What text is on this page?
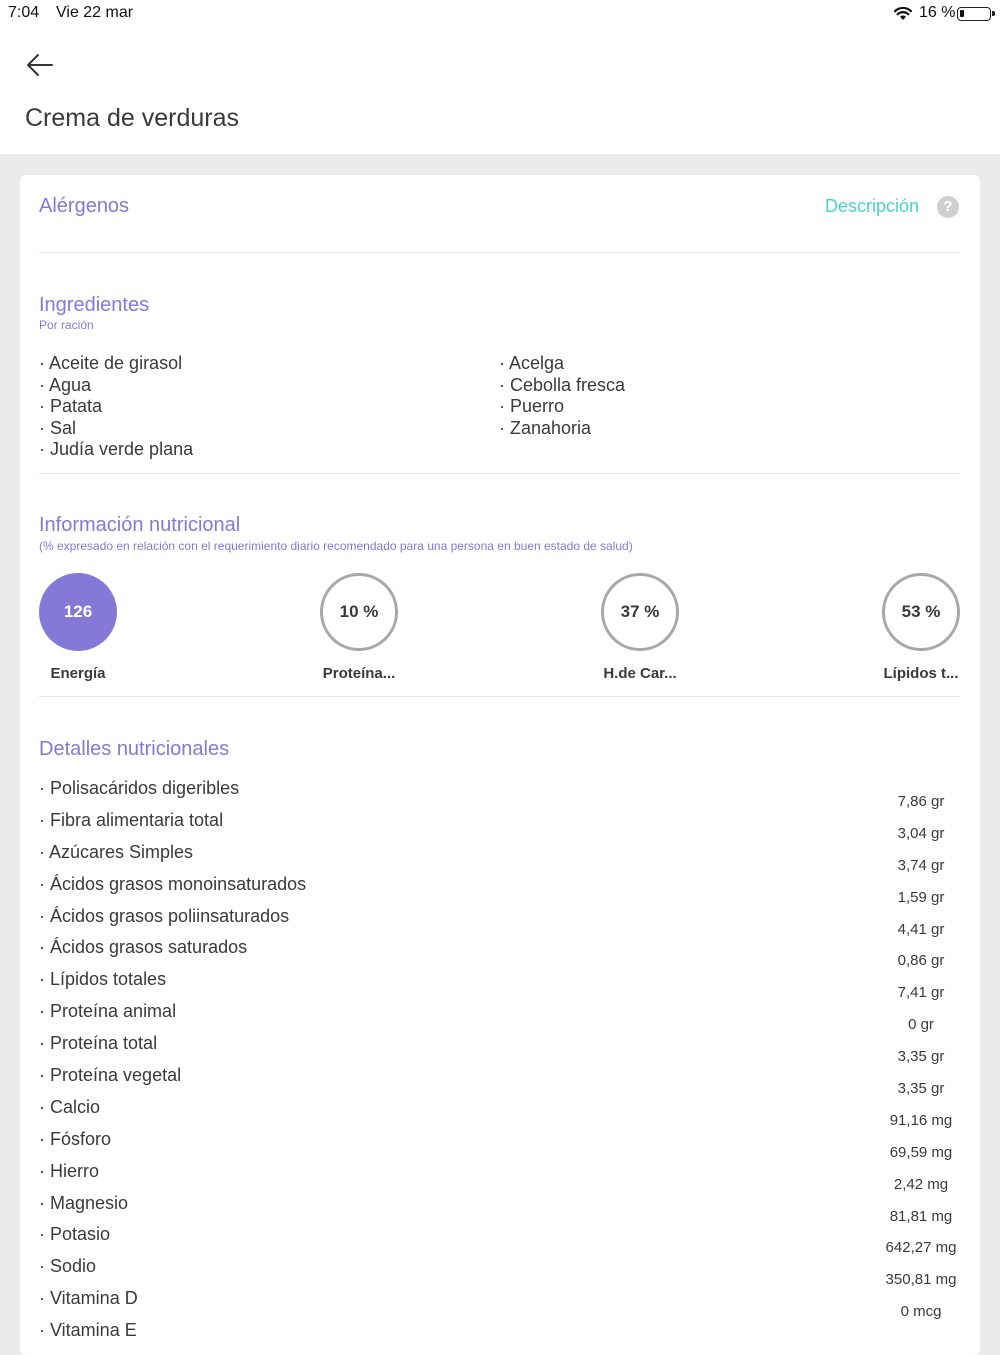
7:04 Vie 22 mar	16 %
Crema de verduras
Alérgenos	Descripción	?
Ingredientes
Por ración
· Aceite de girasol
· Agua
· Patata
· Sal
· Judía verde plana
· Acelga
· Cebolla fresca
· Puerro
· Zanahoria
Información nutricional
(% expresado en relación con el requerimiento diario recomendado para una persona en buen estado de salud)
126
Energía
10 %
Proteína...
37 %
H.de Car...
53 %
Lípidos t...
Detalles nutricionales
· Polisacáridos digeribles
7,86 gr
· Fibra alimentaria total
3,04 gr
· Azúcares Simples
3,74 gr
· Ácidos grasos monoinsaturados
1,59 gr
· Ácidos grasos poliinsaturados
4,41 gr
· Ácidos grasos saturados
0,86 gr
· Lípidos totales
7,41 gr
· Proteína animal
0 gr
· Proteína total
3,35 gr
· Proteína vegetal
3,35 gr
· Calcio
91,16 mg
· Fósforo
69,59 mg
· Hierro
2,42 mg
· Magnesio
81,81 mg
· Potasio
642,27 mg
· Sodio
350,81 mg
· Vitamina D
0 mcg
· Vitamina E
